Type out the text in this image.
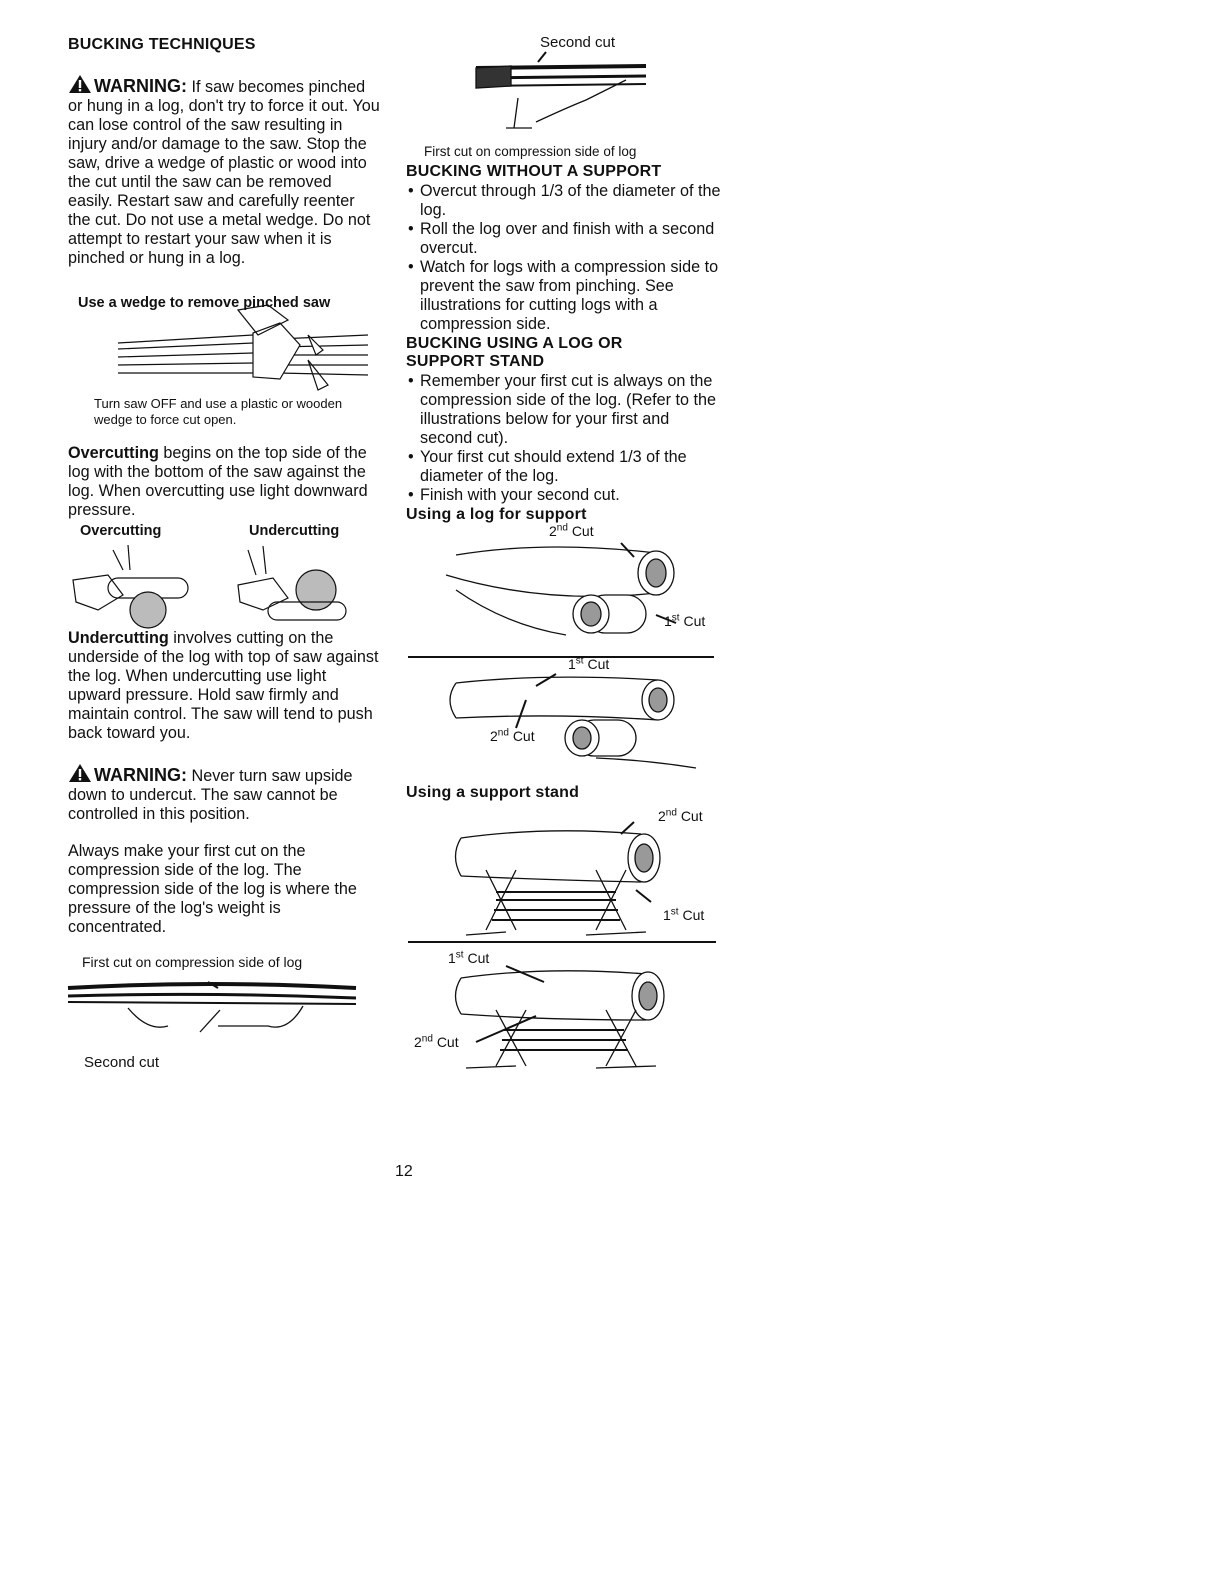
BUCKING TECHNIQUES
WARNING: If saw becomes pinched or hung in a log, don't try to force it out. You can lose control of the saw resulting in injury and/or damage to the saw. Stop the saw, drive a wedge of plastic or wood into the cut until the saw can be removed easily. Restart saw and carefully reenter the cut. Do not use a metal wedge. Do not attempt to restart your saw when it is pinched or hung in a log.
Use a wedge to remove pinched saw
Turn saw OFF and use a plastic or wooden wedge to force cut open.
Overcutting begins on the top side of the log with the bottom of the saw against the log. When overcutting use light downward pressure.
Overcutting	Undercutting
Undercutting involves cutting on the underside of the log with top of saw against the log. When undercutting use light upward pressure. Hold saw firmly and maintain control. The saw will tend to push back toward you.
WARNING: Never turn saw upside down to undercut. The saw cannot be controlled in this position.
Always make your first cut on the compression side of the log. The compression side of the log is where the pressure of the log's weight is concentrated.
First cut on compression side of log
Second cut
Second cut
First cut on compression side of log
BUCKING WITHOUT A SUPPORT
• Overcut through 1/3 of the diameter of the log.
• Roll the log over and finish with a second overcut.
• Watch for logs with a compression side to prevent the saw from pinching. See illustrations for cutting logs with a compression side.
BUCKING USING A LOG OR
SUPPORT STAND
• Remember your first cut is always on the compression side of the log. (Refer to the illustrations below for your first and second cut).
• Your first cut should extend 1/3 of the diameter of the log.
• Finish with your second cut.
Using a log for support
2nd Cut
1st Cut
1st Cut
2nd Cut
Using a support stand
2nd Cut
1st Cut
1st Cut
2nd Cut
12
